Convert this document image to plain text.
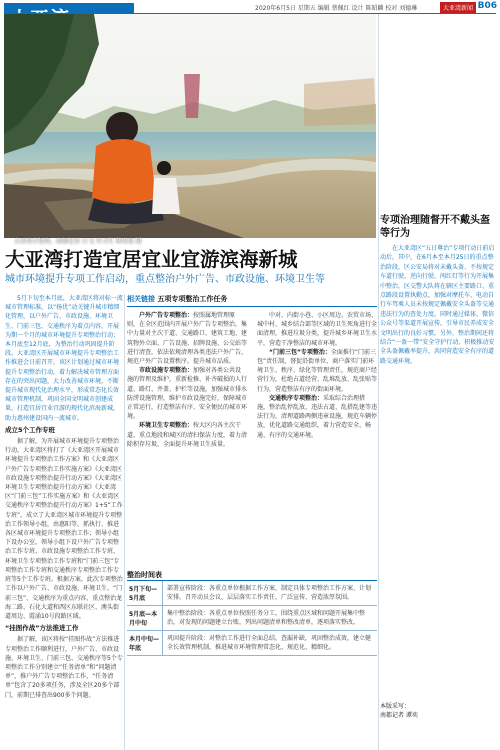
2020年6月5日 星期五 编辑 蔡佩红 设计 陈昭麟 校对 刘德琳	大亚湾新闻 B06
大亚湾小径湾。南都记者 吕飞 实习生 林安康 摄
专项治理随督开不戴头盔等行为
在大亚湾区“五日尊治”专项行动日前启动后，其中，在6月本至本月25日的重点整治阶段，区公安局将对未戴头盔、不按规定车道行驶、逆向行驶、闯红灯等行为开展集中整治，区交警大队将在辖区主要路口、重点路段设置执勤点，加强对摩托车、电动自行车驾乘人员未按规定佩戴安全头盔等交通违法行为的查处力度。同时通过媒体、微信公众号等渠道开展宣传，引导市民养成安全文明出行的良好习惯。另外，整治期间还将结合“一盔一带”安全守护行动，积极推动安全头盔佩戴率提升，共同营造安全有序的道路交通环境。
本版采写：
南都记者 谭奕
大亚湾打造宜居宜业宜游滨海新城
城市环境提升专项工作启动，重点整治户外广告、市政设施、环境卫生等

5月下旬至本月底，大亚湾区将对标一流城市管理标准，以“扬优”动关键升城市精细化管理，以户外广告、市政设施、环境卫生、门前三包、交通秩序为着点内容，开展为期一个月的城市环境提升专项整治行动；本月底至12月底，为整治行动巩固提升阶段。大亚湾区开展城市环境提升专项整治工作推进会日前召开，该区计划通过城市环境提升专项整治行动，着力解决城市管理方面存在的突出问题，大力改善城市环境，不断提升城市现代化治理水平，形成常态化长效城市管理机制，巩固全国文明城市创建成果，打造宜居宜业宜游的现代化滨海新城，助力惠州建设国内一流城市。

成立5个工作专班

据了解，为开展城市环境提升专项整治行动，大亚湾区将打了《大亚湾区开展城市环境提升专项整治工作方案》和《大亚湾区户外广告专项整治工作实施方案》《大亚湾区市政设施专项整治提升行动方案》《大亚湾区环境卫生专项整治提升行动方案》《大亚湾区“门前三包”工作实施方案》和《大亚湾区交通秩序专项整治提升行动方案》1+5“工作专班”。成立了大亚湾区城市环境提升专项整治工作领导小组，由惠阳等、抓执行、推进各区城市环境提升专项整治工作；领导小组下设办公室，领导小组下设户外广告专项整治工作专班、市政设施专项整治工作专班、环境卫生专项整治工作专班和“门前三包”专项整治工作专班和交通秩序专项整治工作专班等5个工作专班。根据方案，此次专项整治工作以户外广告、市政设施、环境卫生、“门前三包”、交通秩序为重点内容，重点整治龙海二路、石化大道和西区东联社区、澳头街道周边、霞涌10号段路区域。

“挂图作战”方法推进工作

据了解，该区将按“挂图作战”方法推进专项整治工作顺利进行，户外广告、市政设施、环境卫生、门前三包、交通秩序等5个专项整治工作分别建立“任务清单”和“问题清单”，推户外广告专项整治工作，“任务清单”包含了20多项任务，涉及全区20多个部门，前期已排查出900多个问题。

相关链接 五项专项整治工作任务

户外广告专项整治：按照属地管理原则，在全区范围内开展户外广告专项整治，集中力量对主次干道、交通路口、建筑工地、建筑物外立面、广告设施、招牌设施、公交站等进行清查，依法依规清理各类违法户外广告，规范户外广告设置秩序，提升城市品质。

市政设施专项整治：加强对各类公共设施的管理及维护，重新检修、补齐破损的人行道、路灯、井盖、护栏等设施，加强城市排水防涝设施管理，维护市政设施完好，保障城市正常运行，打造整洁有序、安全便民的城市环境。

环境卫生专项整治：按大区内各主次干道、重点地段和城区的清扫保洁力度，着力清除积存垃圾，全面提升环境卫生质量。

中对、内街小巷、小区周边、农贸市场、城中村、城乡结合部等区域的卫生死角进行全面清理，推进垃圾分类，提升城乡环境卫生水平，营造干净整洁的城市环境。

“门前三包”专项整治：全面推行“门前三包”责任制，督促沿街单位、商户落实门前环境卫生、秩序、绿化等管理责任，规范商户经营行为，杜绝占道经营、乱堆乱放、乱张贴等行为，营造整洁有序的街面环境。

交通秩序专项整治：采取综合治理措施，整治乱停乱放、违法占道、乱搭乱建等违法行为，清理道路两侧违章设施，规范车辆停放，优化道路交通组织，着力营造安全、畅通、有序的交通环境。

整治时间表
5月下旬—5月底
部署宣传阶段：各重点单位根据工作方案，制定具体专项整治工作方案、计划安排，召开动员会议，层层落实工作责任，广泛宣传、营造浓厚氛围。
5月底—本月中旬
集中整治阶段：各重点单位按照任务分工，围绕重点区域和问题开展集中整治，对发现的问题建立台账，列出问题清单和整改清单，逐项落实整改。
本月中旬—年底
巩固提升阶段：对整治工作进行全面总结，查漏补缺，巩固整治成效，建立健全长效管理机制，推进城市环境管理常态化、规范化、精细化。
